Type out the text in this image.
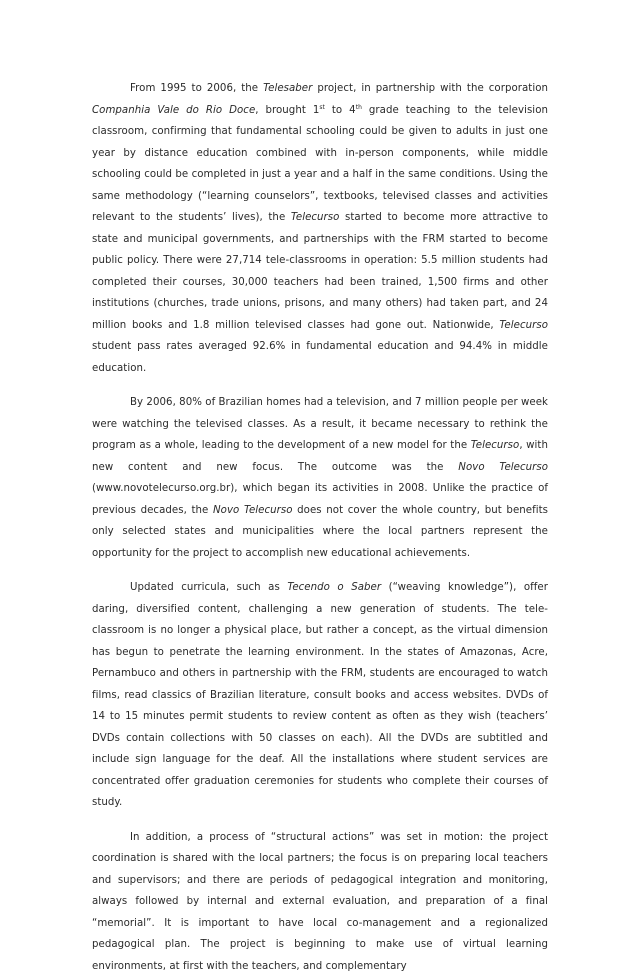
From 1995 to 2006, the Telesaber project, in partnership with the corporation Companhia Vale do Rio Doce, brought 1st to 4th grade teaching to the television classroom, confirming that fundamental schooling could be given to adults in just one year by distance education combined with in-person components, while middle schooling could be completed in just a year and a half in the same conditions. Using the same methodology (“learning counselors”, textbooks, televised classes and activities relevant to the students’ lives), the Telecurso started to become more attractive to state and municipal governments, and partnerships with the FRM started to become public policy. There were 27,714 tele-classrooms in operation: 5.5 million students had completed their courses, 30,000 teachers had been trained, 1,500 firms and other institutions (churches, trade unions, prisons, and many others) had taken part, and 24 million books and 1.8 million televised classes had gone out. Nationwide, Telecurso student pass rates averaged 92.6% in fundamental education and 94.4% in middle education.

By 2006, 80% of Brazilian homes had a television, and 7 million people per week were watching the televised classes. As a result, it became necessary to rethink the program as a whole, leading to the development of a new model for the Telecurso, with new content and new focus. The outcome was the Novo Telecurso (www.novotelecurso.org.br), which began its activities in 2008. Unlike the practice of previous decades, the Novo Telecurso does not cover the whole country, but benefits only selected states and municipalities where the local partners represent the opportunity for the project to accomplish new educational achievements.

Updated curricula, such as Tecendo o Saber (“weaving knowledge”), offer daring, diversified content, challenging a new generation of students. The tele-classroom is no longer a physical place, but rather a concept, as the virtual dimension has begun to penetrate the learning environment. In the states of Amazonas, Acre, Pernambuco and others in partnership with the FRM, students are encouraged to watch films, read classics of Brazilian literature, consult books and access websites. DVDs of 14 to 15 minutes permit students to review content as often as they wish (teachers’ DVDs contain collections with 50 classes on each). All the DVDs are subtitled and include sign language for the deaf. All the installations where student services are concentrated offer graduation ceremonies for students who complete their courses of study.

In addition, a process of “structural actions” was set in motion: the project coordination is shared with the local partners; the focus is on preparing local teachers and supervisors; and there are periods of pedagogical integration and monitoring, always followed by internal and external evaluation, and preparation of a final “memorial”. It is important to have local co-management and a regionalized pedagogical plan. The project is beginning to make use of virtual learning environments, at first with the teachers, and complementary
